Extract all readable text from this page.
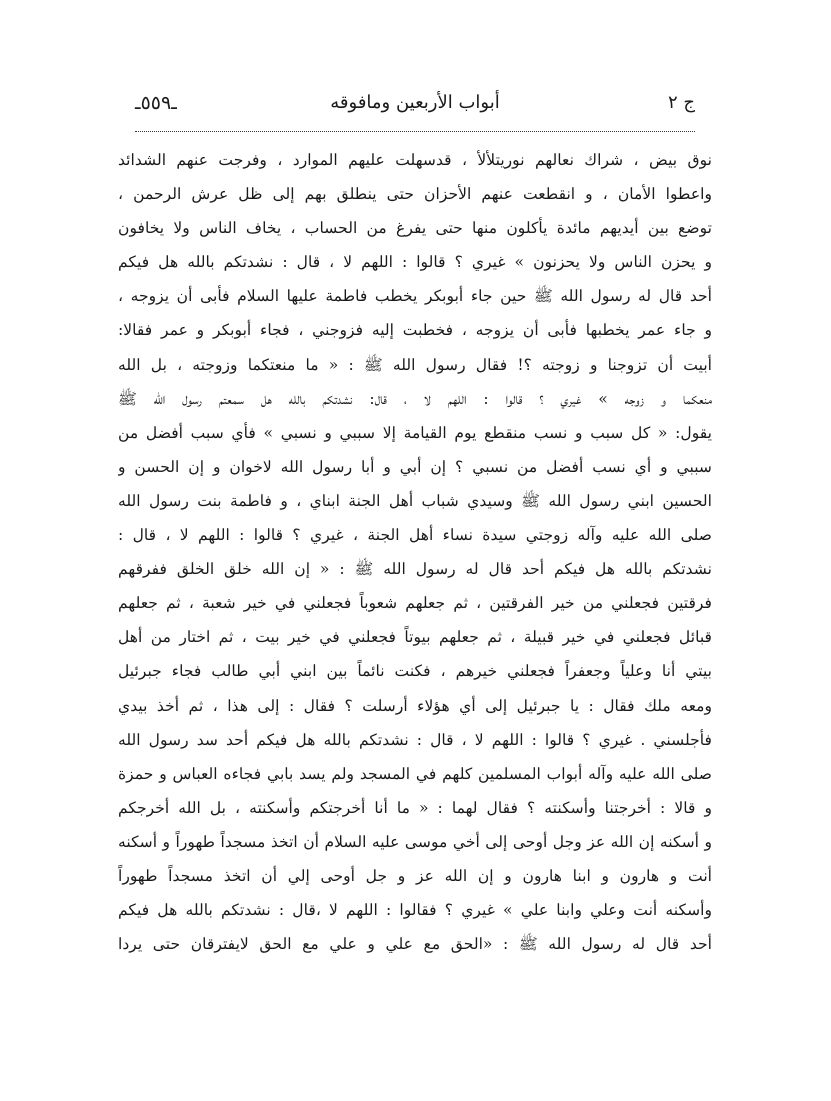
ـ٥٥٩ـ	أبواب الأربعين ومافوقه	ج ٢
نوق بيض ، شراك نعالهم نوريتلألأ ، قدسهلت عليهم الموارد ، وفرجت عنهم الشدائد
واعطوا الأمان ، و انقطعت عنهم الأحزان حتى ينطلق بهم إلى ظل عرش الرحمن ،
توضع بين أيديهم مائدة يأكلون منها حتى يفرغ من الحساب ، يخاف الناس ولا يخافون
و يحزن الناس ولا يحزنون » غيري ؟ قالوا : اللهم لا ، قال : نشدتكم بالله هل فيكم
أحد قال له رسول الله ﷺ حين جاء أبوبكر يخطب فاطمة عليها السلام فأبى أن يزوجه ،
و جاء عمر يخطبها فأبى أن يزوجه ، فخطبت إليه فزوجني ، فجاء أبوبكر و عمر فقالا:
أبيت أن تزوجنا و زوجته ؟! فقال رسول الله ﷺ : « ما منعتكما وزوجته ، بل الله
منعكما و زوجه » غيري ؟ قالوا : اللهم لا ، قال: نشدتكم بالله هل سمعتم رسول الله ﷺ
يقول: « كل سبب و نسب منقطع يوم القيامة إلا سببي و نسبي » فأي سبب أفضل من
سببي و أي نسب أفضل من نسبي ؟ إن أبي و أبا رسول الله لاخوان و إن الحسن و
الحسين ابني رسول الله ﷺ وسيدي شباب أهل الجنة ابناي ، و فاطمة بنت رسول الله
صلى الله عليه وآله زوجتي سيدة نساء أهل الجنة ، غيري ؟ قالوا : اللهم لا ، قال :
نشدتكم بالله هل فيكم أحد قال له رسول الله ﷺ : « إن الله خلق الخلق ففرقهم
فرقتين فجعلني من خير الفرقتين ، ثم جعلهم شعوباً فجعلني في خير شعبة ، ثم جعلهم
قبائل فجعلني في خير قبيلة ، ثم جعلهم بيوتاً فجعلني في خير بيت ، ثم اختار من أهل
بيتي أنا وعلياً وجعفراً فجعلني خيرهم ، فكنت نائماً بين ابني أبي طالب فجاء جبرئيل
ومعه ملك فقال : يا جبرئيل إلى أي هؤلاء أرسلت ؟ فقال : إلى هذا ، ثم أخذ بيدي
فأجلسني . غيري ؟ قالوا : اللهم لا ، قال : نشدتكم بالله هل فيكم أحد سد رسول الله
صلى الله عليه وآله أبواب المسلمين كلهم في المسجد ولم يسد بابي فجاءه العباس و حمزة
و قالا : أخرجتنا وأسكنته ؟ فقال لهما : « ما أنا أخرجتكم وأسكنته ، بل الله أخرجكم
و أسكنه إن الله عز وجل أوحى إلى أخي موسى عليه السلام أن اتخذ مسجداً طهوراً و أسكنه
أنت و هارون و ابنا هارون و إن الله عز و جل أوحى إلي أن اتخذ مسجداً طهوراً
وأسكنه أنت وعلي وابنا علي » غيري ؟ فقالوا : اللهم لا ،قال : نشدتكم بالله هل فيكم
أحد قال له رسول الله ﷺ : «الحق مع علي و علي مع الحق لايفترقان حتى يردا
